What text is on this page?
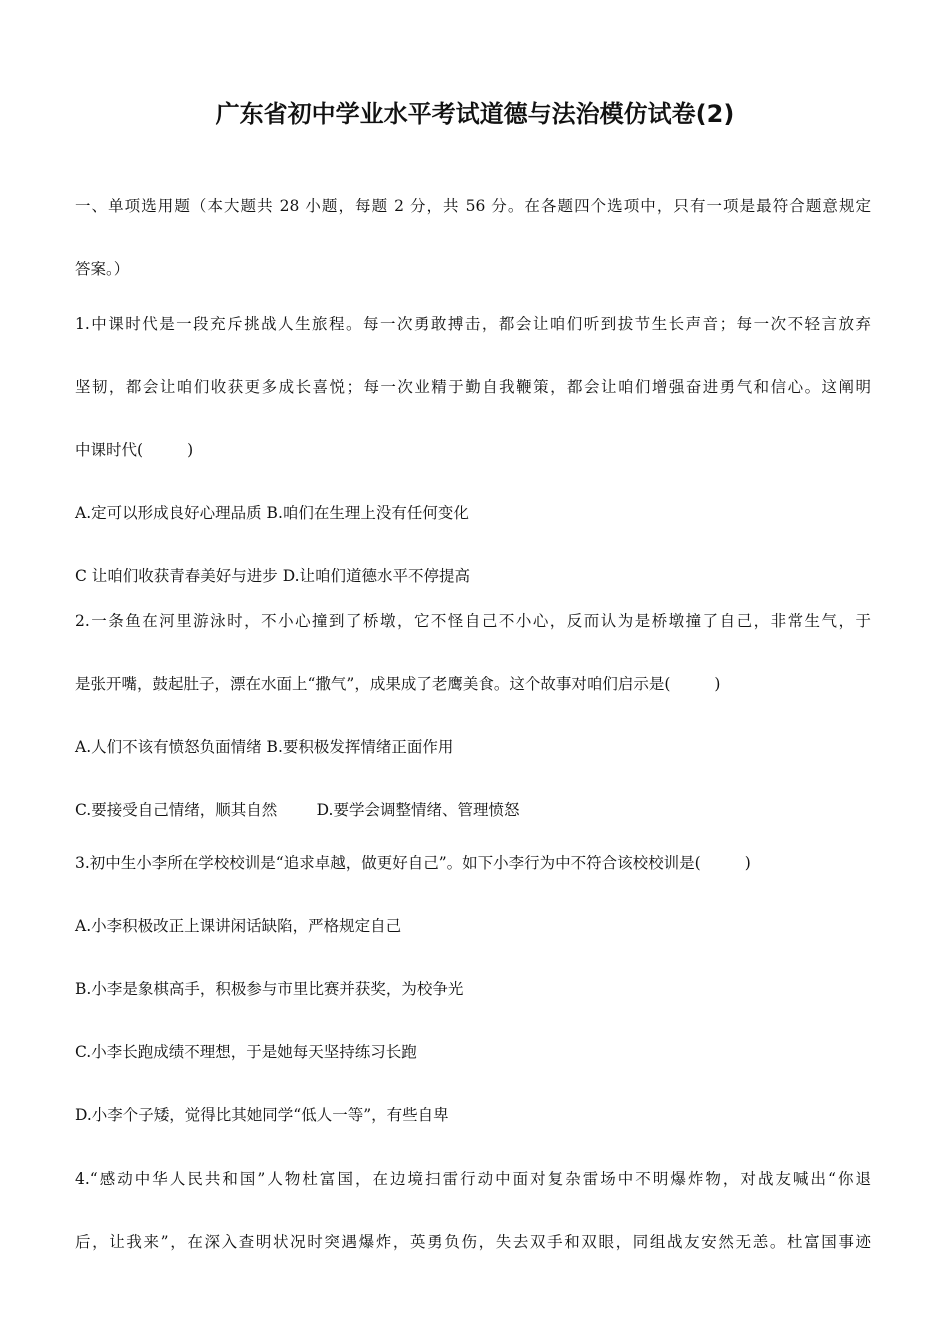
广东省初中学业水平考试道德与法治模仿试卷(2)
一、单项选用题（本大题共 28 小题，每题 2 分，共 56 分。在各题四个选项中，只有一项是最符合题意规定
答案。）
1.中课时代是一段充斥挑战人生旅程。每一次勇敢搏击，都会让咱们听到拔节生长声音；每一次不轻言放弃
坚韧，都会让咱们收获更多成长喜悦；每一次业精于勤自我鞭策，都会让咱们增强奋进勇气和信心。这阐明
中课时代(	)
A.定可以形成良好心理品质 B.咱们在生理上没有任何变化
C 让咱们收获青春美好与进步 D.让咱们道德水平不停提高
2.一条鱼在河里游泳时，不小心撞到了桥墩，它不怪自己不小心，反而认为是桥墩撞了自己，非常生气，于
是张开嘴，鼓起肚子，漂在水面上“撒气”，成果成了老鹰美食。这个故事对咱们启示是(	)
A.人们不该有愤怒负面情绪 B.要积极发挥情绪正面作用
C.要接受自己情绪，顺其自然        D.要学会调整情绪、管理愤怒
3.初中生小李所在学校校训是“追求卓越，做更好自己”。如下小李行为中不符合该校校训是(	)
A.小李积极改正上课讲闲话缺陷，严格规定自己
B.小李是象棋高手，积极参与市里比赛并获奖，为校争光
C.小李长跑成绩不理想，于是她每天坚持练习长跑
D.小李个子矮，觉得比其她同学“低人一等”，有些自卑
4.“感动中华人民共和国”人物杜富国，在边境扫雷行动中面对复杂雷场中不明爆炸物，对战友喊出“你退
后，让我来”，在深入查明状况时突遇爆炸，英勇负伤，失去双手和双眼，同组战友安然无恙。杜富国事迹
